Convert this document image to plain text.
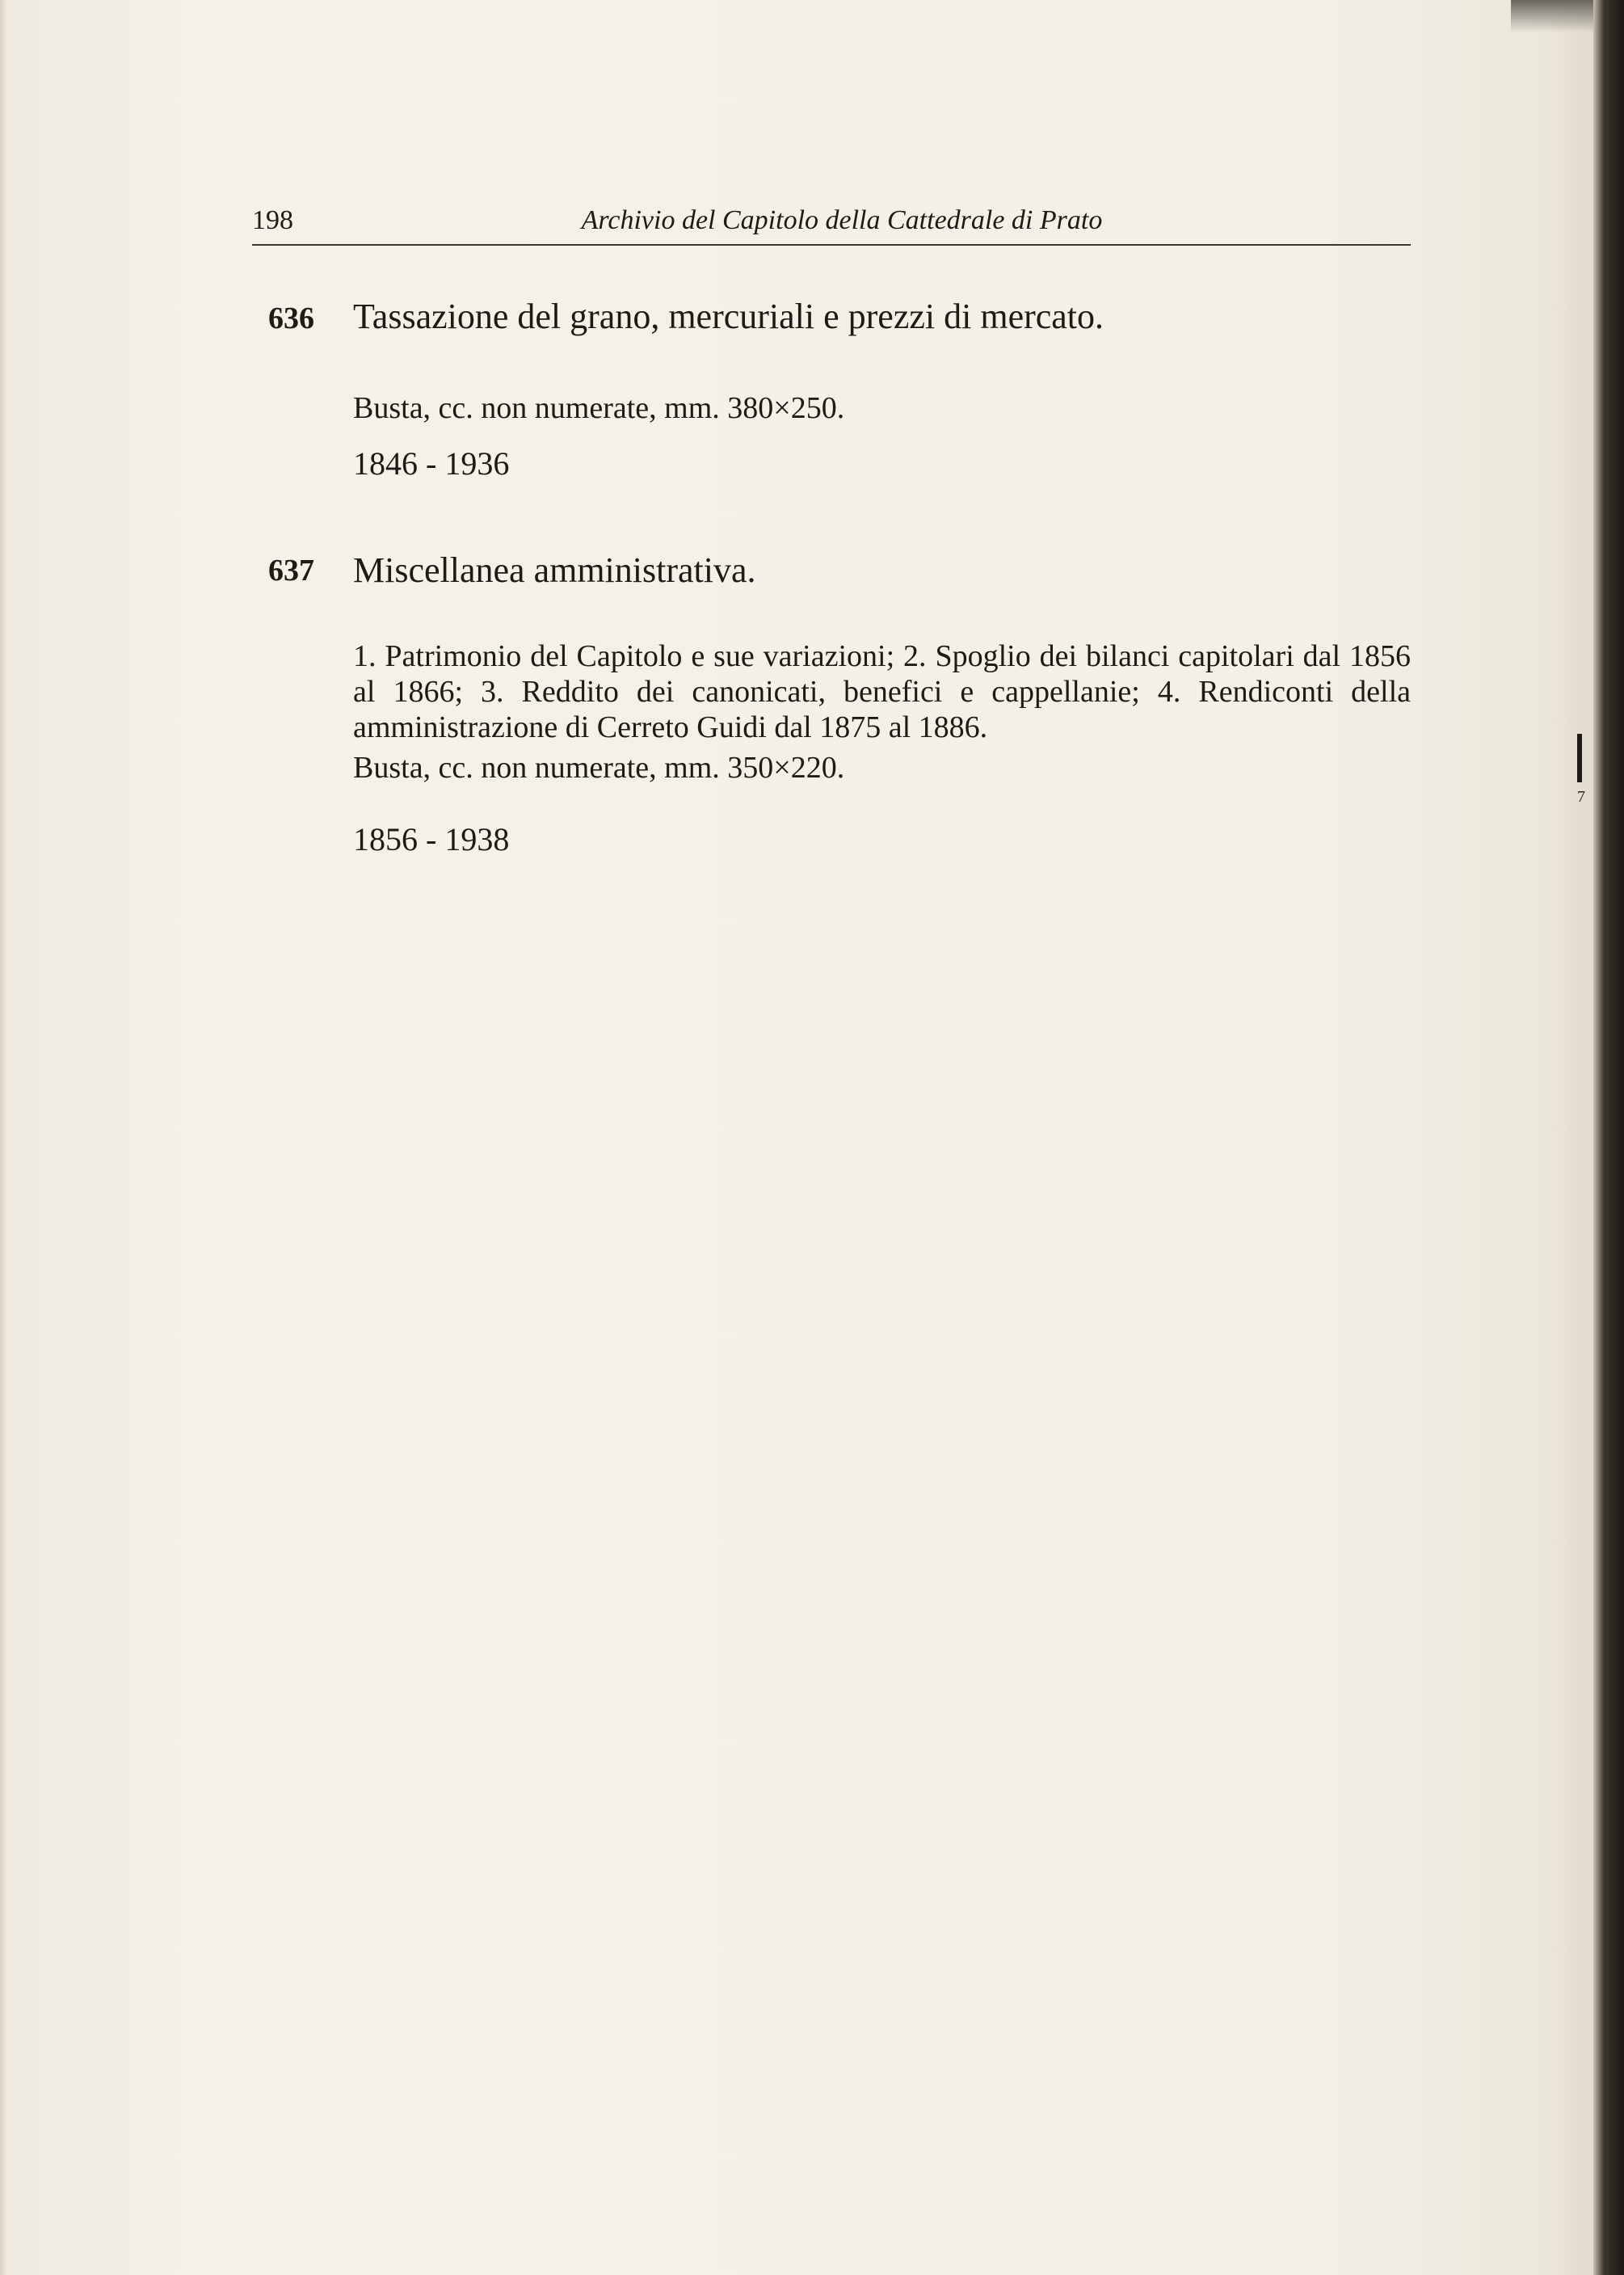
7
198	Archivio del Capitolo della Cattedrale di Prato
636 Tassazione del grano, mercuriali e prezzi di mercato.
Busta, cc. non numerate, mm. 380×250.
1846 - 1936
637 Miscellanea amministrativa.
1. Patrimonio del Capitolo e sue variazioni; 2. Spoglio dei bilanci capitolari dal 1856 al 1866; 3. Reddito dei canonicati, benefici e cappellanie; 4. Rendiconti della amministrazione di Cerreto Guidi dal 1875 al 1886.
Busta, cc. non numerate, mm. 350×220.
1856 - 1938
